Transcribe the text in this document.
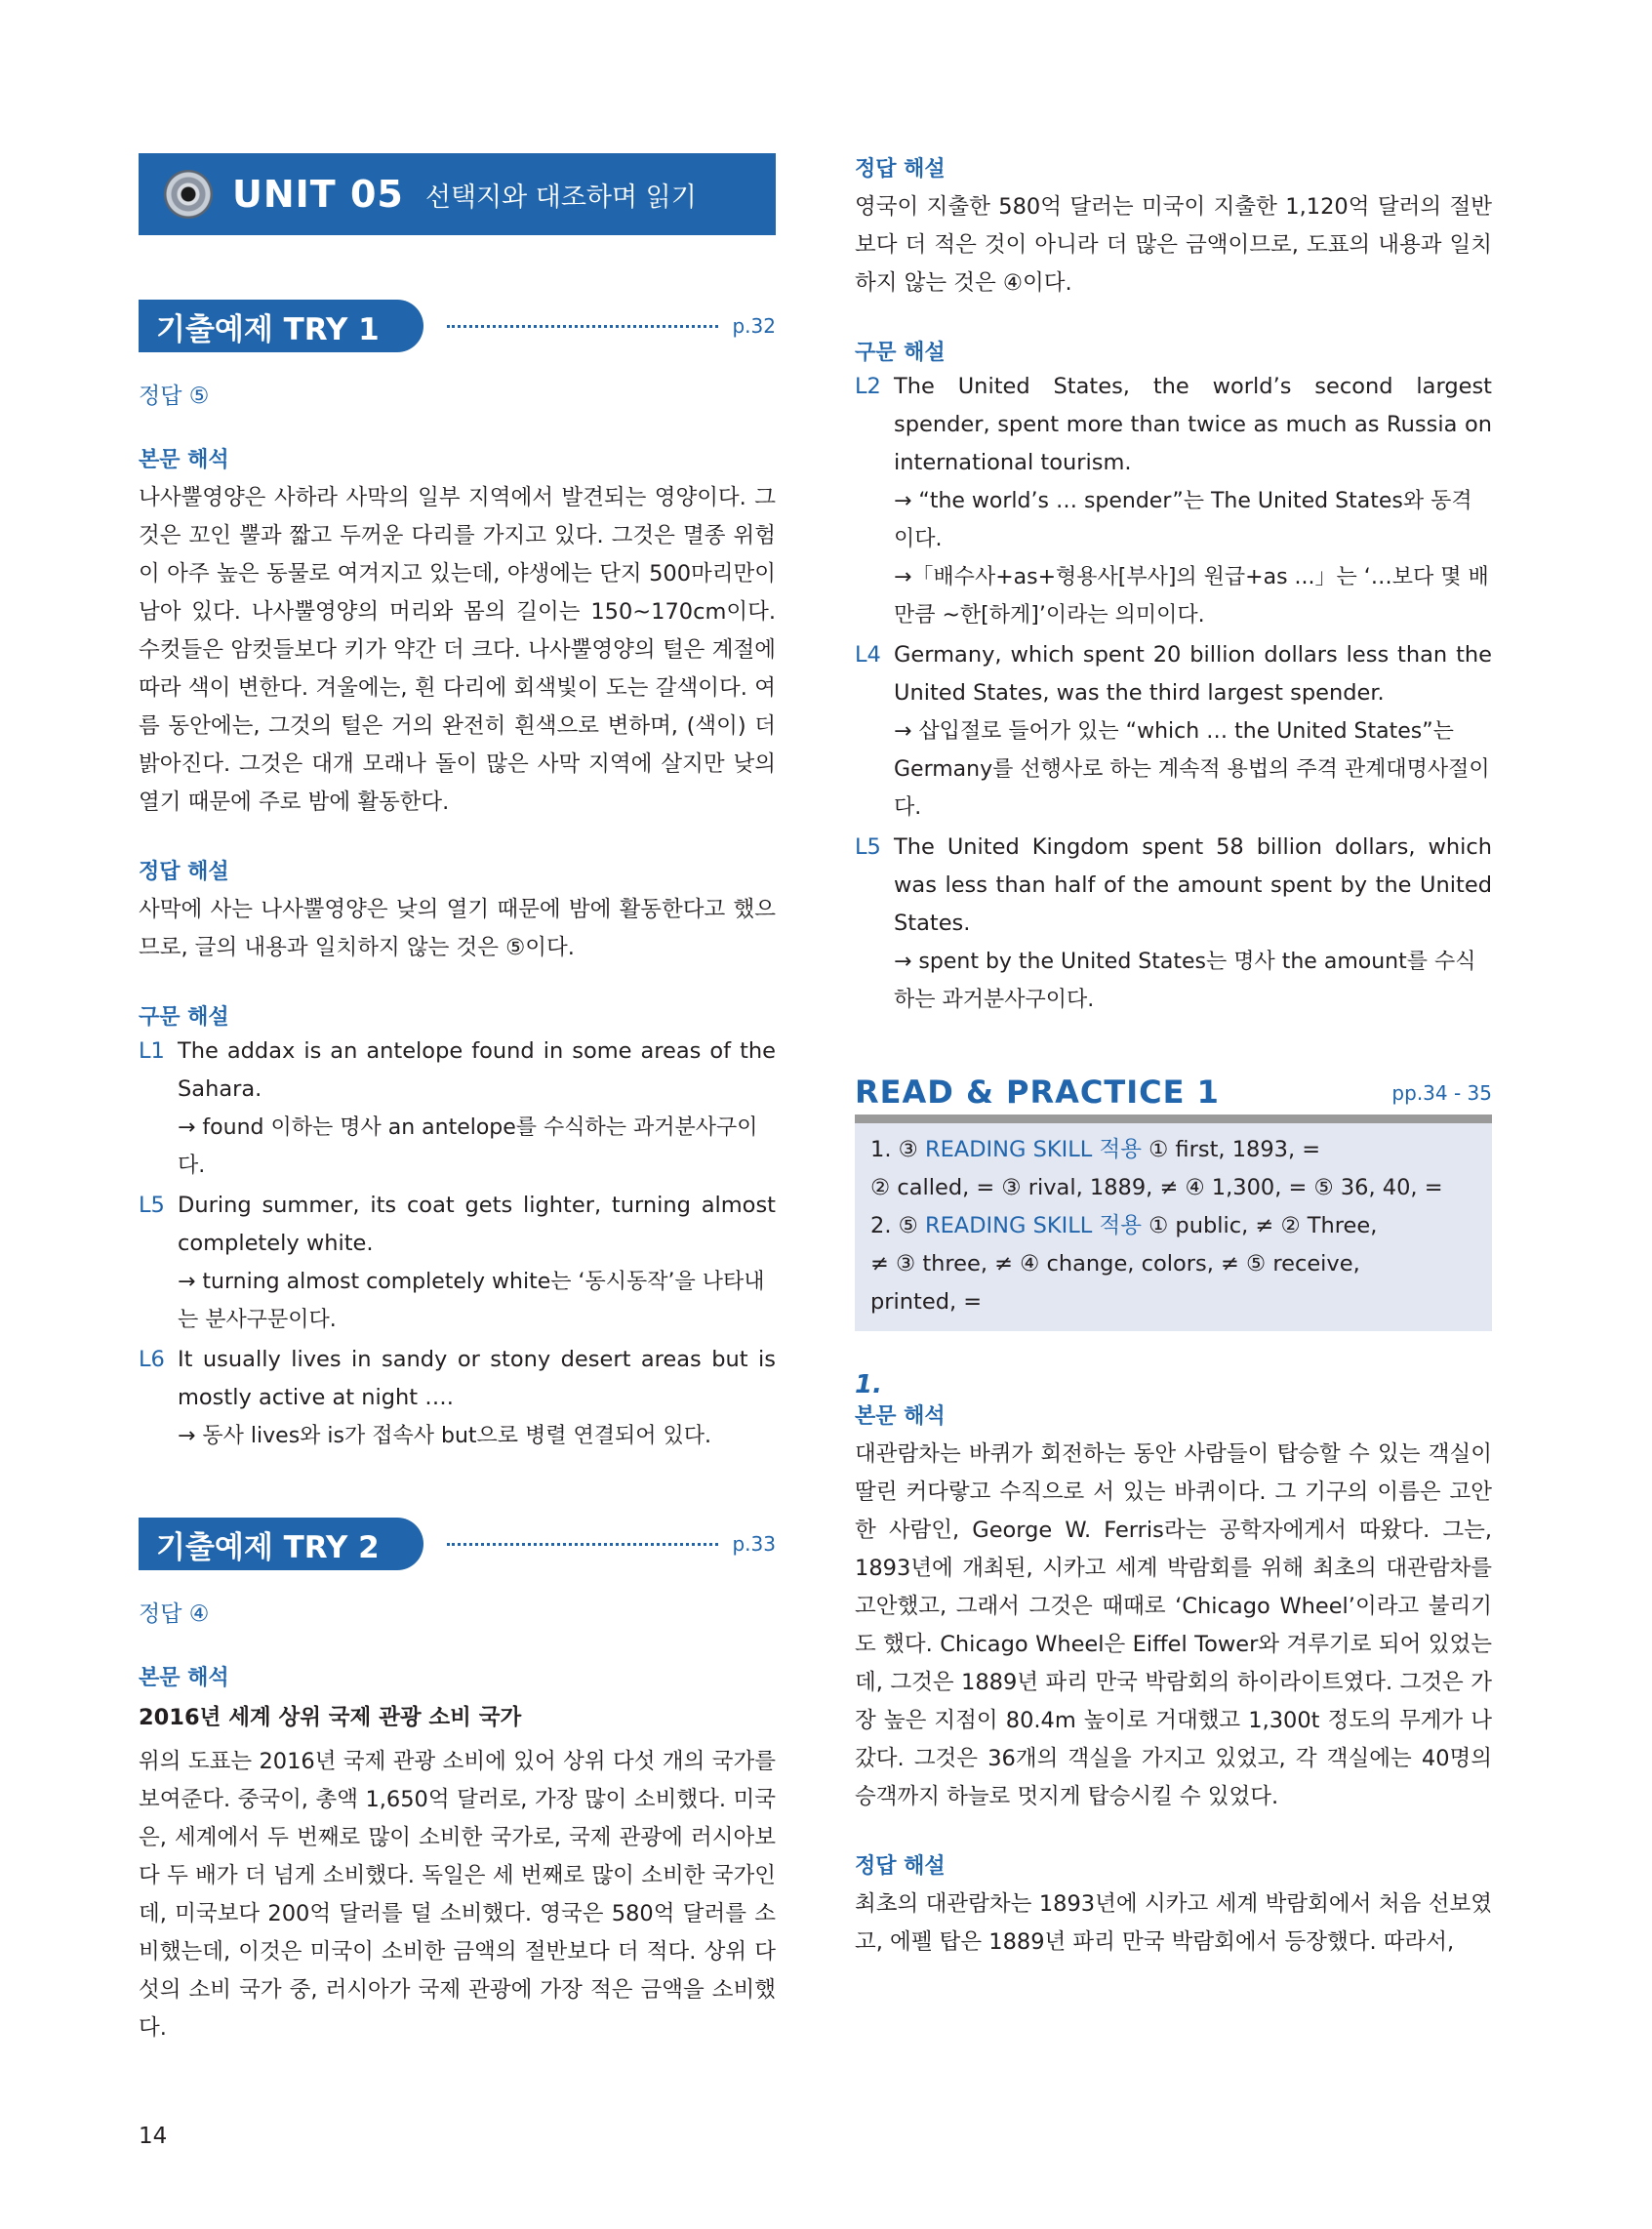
UNIT 05 선택지와 대조하며 읽기
기출예제 TRY 1	p.32
정답 ⑤
본문 해석
나사뿔영양은 사하라 사막의 일부 지역에서 발견되는 영양이다. 그것은 꼬인 뿔과 짧고 두꺼운 다리를 가지고 있다. 그것은 멸종 위험이 아주 높은 동물로 여겨지고 있는데, 야생에는 단지 500마리만이 남아 있다. 나사뿔영양의 머리와 몸의 길이는 150~170cm이다. 수컷들은 암컷들보다 키가 약간 더 크다. 나사뿔영양의 털은 계절에 따라 색이 변한다. 겨울에는, 흰 다리에 회색빛이 도는 갈색이다. 여름 동안에는, 그것의 털은 거의 완전히 흰색으로 변하며, (색이) 더 밝아진다. 그것은 대개 모래나 돌이 많은 사막 지역에 살지만 낮의 열기 때문에 주로 밤에 활동한다.
정답 해설
사막에 사는 나사뿔영양은 낮의 열기 때문에 밤에 활동한다고 했으므로, 글의 내용과 일치하지 않는 것은 ⑤이다.
구문 해설
L1 The addax is an antelope found in some areas of the Sahara.
→ found 이하는 명사 an antelope를 수식하는 과거분사구이다.
L5 During summer, its coat gets lighter, turning almost completely white.
→ turning almost completely white는 ‘동시동작’을 나타내는 분사구문이다.
L6 It usually lives in sandy or stony desert areas but is mostly active at night ….
→ 동사 lives와 is가 접속사 but으로 병렬 연결되어 있다.
기출예제 TRY 2	p.33
정답 ④
본문 해석
2016년 세계 상위 국제 관광 소비 국가
위의 도표는 2016년 국제 관광 소비에 있어 상위 다섯 개의 국가를 보여준다. 중국이, 총액 1,650억 달러로, 가장 많이 소비했다. 미국은, 세계에서 두 번째로 많이 소비한 국가로, 국제 관광에 러시아보다 두 배가 더 넘게 소비했다. 독일은 세 번째로 많이 소비한 국가인데, 미국보다 200억 달러를 덜 소비했다. 영국은 580억 달러를 소비했는데, 이것은 미국이 소비한 금액의 절반보다 더 적다. 상위 다섯의 소비 국가 중, 러시아가 국제 관광에 가장 적은 금액을 소비했다.
정답 해설
영국이 지출한 580억 달러는 미국이 지출한 1,120억 달러의 절반보다 더 적은 것이 아니라 더 많은 금액이므로, 도표의 내용과 일치하지 않는 것은 ④이다.
구문 해설
L2 The United States, the world’s second largest spender, spent more than twice as much as Russia on international tourism.
→ “the world’s … spender”는 The United States와 동격이다.
→「배수사+as+형용사[부사]의 원급+as ...」는 ‘…보다 몇 배만큼 ~한[하게]’이라는 의미이다.
L4 Germany, which spent 20 billion dollars less than the United States, was the third largest spender.
→ 삽입절로 들어가 있는 “which … the United States”는 Germany를 선행사로 하는 계속적 용법의 주격 관계대명사절이다.
L5 The United Kingdom spent 58 billion dollars, which was less than half of the amount spent by the United States.
→ spent by the United States는 명사 the amount를 수식하는 과거분사구이다.
READ & PRACTICE 1	pp.34 - 35
1. ③ READING SKILL 적용 ① first, 1893, =
② called, = ③ rival, 1889, ≠ ④ 1,300, = ⑤ 36, 40, =
2. ⑤ READING SKILL 적용 ① public, ≠ ② Three,
≠ ③ three, ≠ ④ change, colors, ≠ ⑤ receive,
printed, =
1.
본문 해석
대관람차는 바퀴가 회전하는 동안 사람들이 탑승할 수 있는 객실이 딸린 커다랗고 수직으로 서 있는 바퀴이다. 그 기구의 이름은 고안한 사람인, George W. Ferris라는 공학자에게서 따왔다. 그는, 1893년에 개최된, 시카고 세계 박람회를 위해 최초의 대관람차를 고안했고, 그래서 그것은 때때로 ‘Chicago Wheel’이라고 불리기도 했다. Chicago Wheel은 Eiffel Tower와 겨루기로 되어 있었는데, 그것은 1889년 파리 만국 박람회의 하이라이트였다. 그것은 가장 높은 지점이 80.4m 높이로 거대했고 1,300t 정도의 무게가 나갔다. 그것은 36개의 객실을 가지고 있었고, 각 객실에는 40명의 승객까지 하늘로 멋지게 탑승시킬 수 있었다.
정답 해설
최초의 대관람차는 1893년에 시카고 세계 박람회에서 처음 선보였고, 에펠 탑은 1889년 파리 만국 박람회에서 등장했다. 따라서,
14
